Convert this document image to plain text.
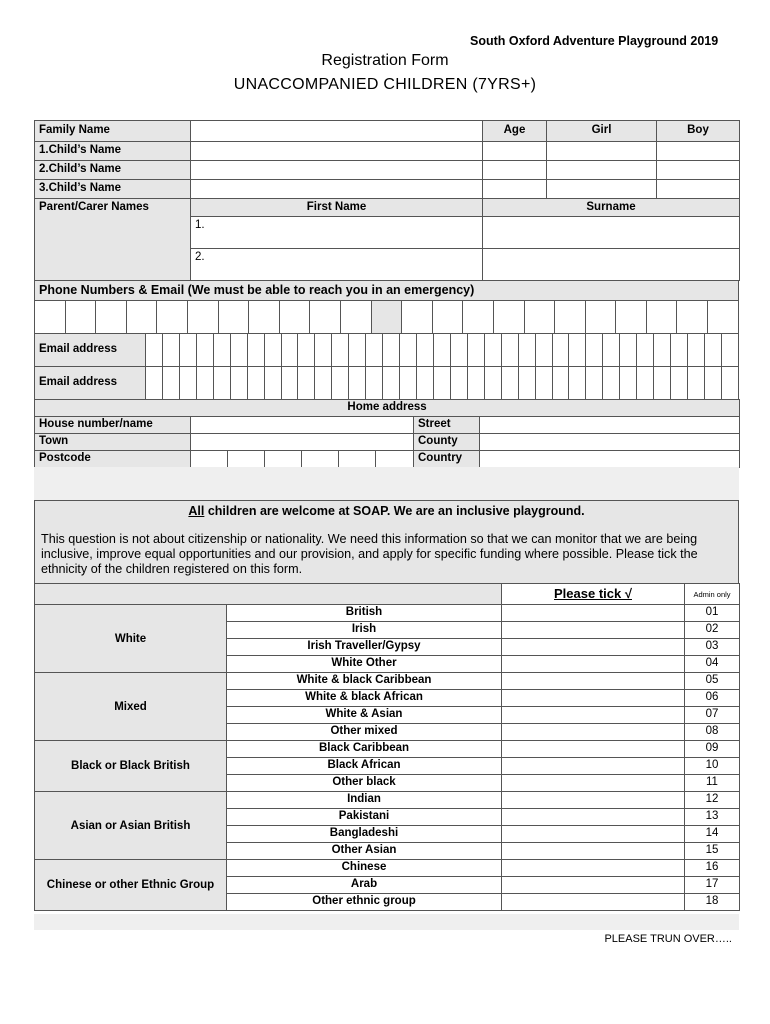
South Oxford Adventure Playground 2019
Registration Form
UNACCOMPANIED CHILDREN (7YRS+)
Family Name		Age	Girl	Boy
1.Child’s Name				
2.Child’s Name				
3.Child’s Name				
Parent/Carer Names	First Name	Surname		
	1.			
	2.			
Phone Numbers & Email (We must be able to reach you in an emergency)

Email address																																			
Email address																																			
Home address								
House number/name							Street	
Town							County	
Postcode							Country	
All children are welcome at SOAP. We are an inclusive playground.
This question is not about citizenship or nationality. We need this information so that we can monitor that we are being inclusive, improve equal opportunities and our provision, and apply for specific funding where possible. Please tick the ethnicity of the children registered on this form.
		Please tick √	Admin only

White	British		01
	Irish		02
	Irish Traveller/Gypsy		03
	White Other		04
Mixed	White & black Caribbean		05
	White & black African		06
	White & Asian		07
	Other mixed		08
Black or Black British	Black Caribbean		09
	Black African		10
	Other black		11
Asian or Asian British	Indian		12
	Pakistani		13
	Bangladeshi		14
	Other Asian		15
Chinese or other Ethnic Group	Chinese		16
	Arab		17
	Other ethnic group		18
PLEASE TRUN OVER…..
